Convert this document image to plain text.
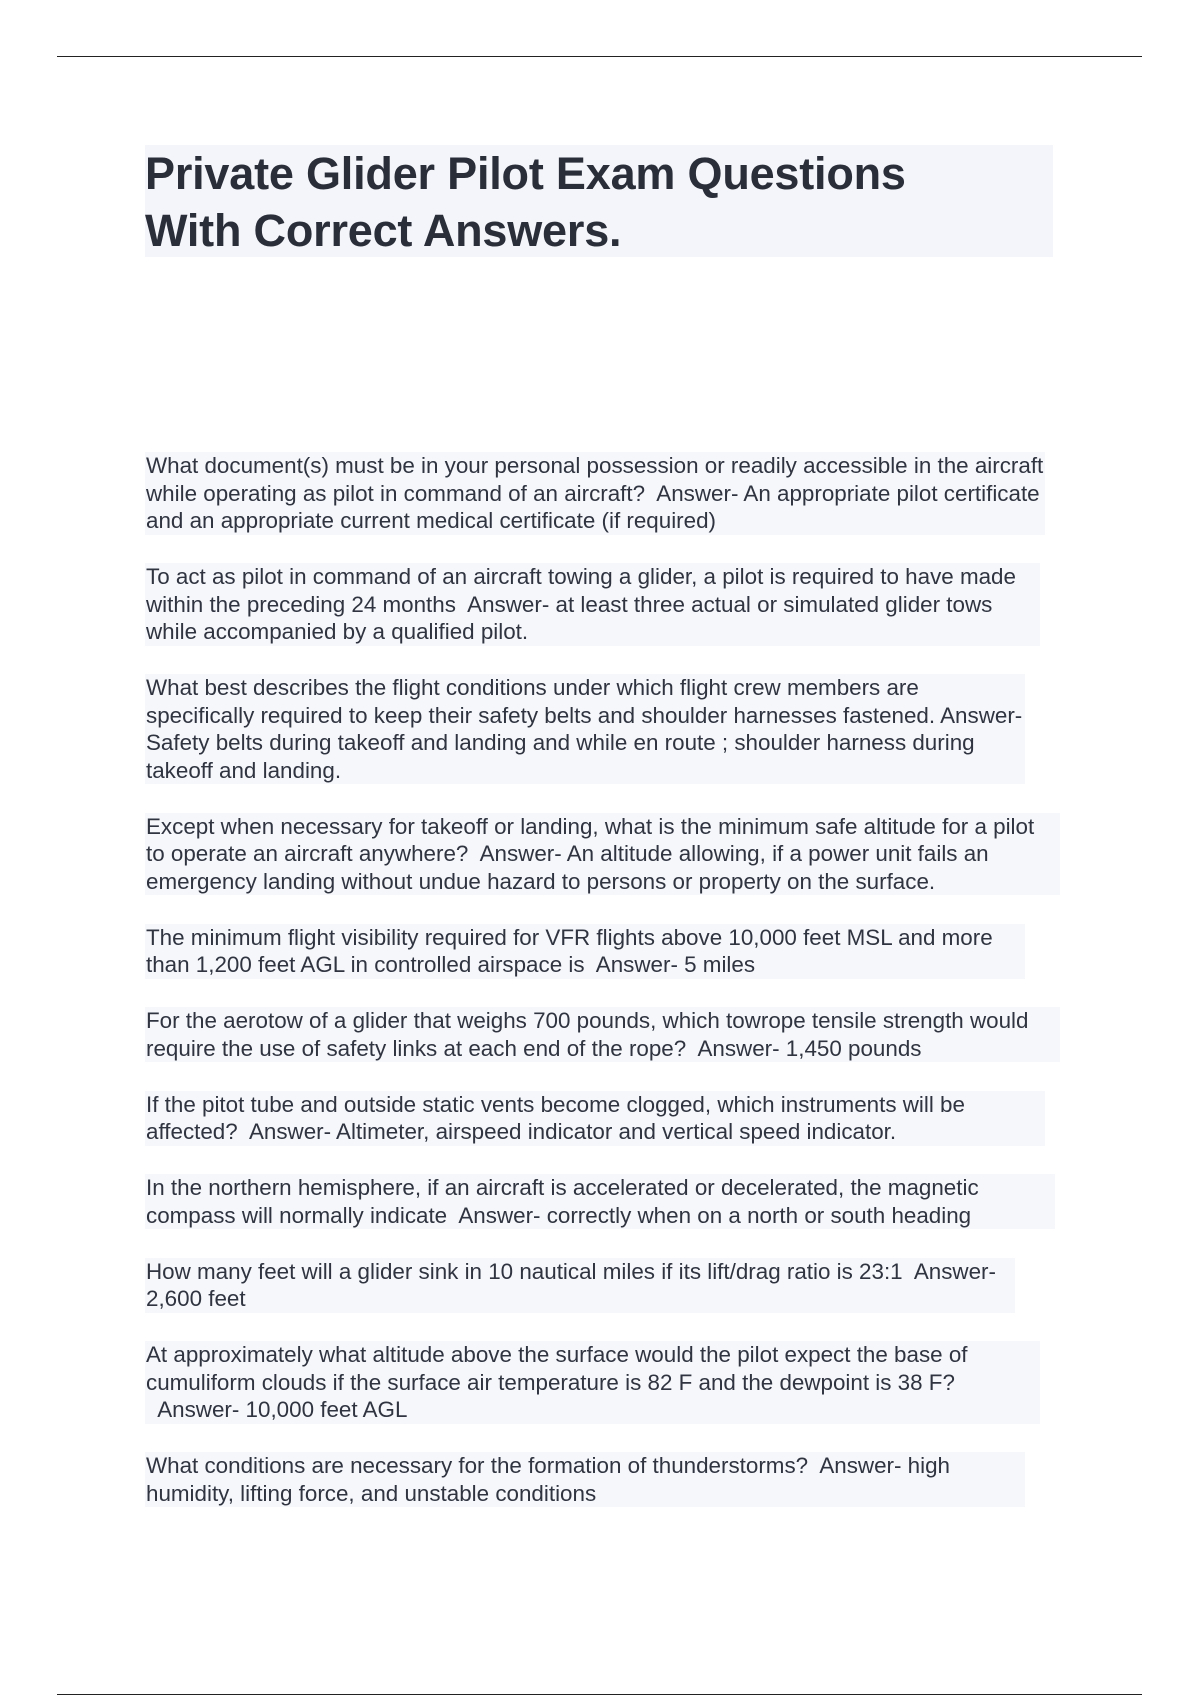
Private Glider Pilot Exam Questions
With Correct Answers.
What document(s) must be in your personal possession or readily accessible in the aircraft while operating as pilot in command of an aircraft? Answer- An appropriate pilot certificate and an appropriate current medical certificate (if required)
To act as pilot in command of an aircraft towing a glider, a pilot is required to have made within the preceding 24 months Answer- at least three actual or simulated glider tows while accompanied by a qualified pilot.
What best describes the flight conditions under which flight crew members are specifically required to keep their safety belts and shoulder harnesses fastened. Answer- Safety belts during takeoff and landing and while en route ; shoulder harness during takeoff and landing.
Except when necessary for takeoff or landing, what is the minimum safe altitude for a pilot to operate an aircraft anywhere? Answer- An altitude allowing, if a power unit fails an emergency landing without undue hazard to persons or property on the surface.
The minimum flight visibility required for VFR flights above 10,000 feet MSL and more than 1,200 feet AGL in controlled airspace is Answer- 5 miles
For the aerotow of a glider that weighs 700 pounds, which towrope tensile strength would require the use of safety links at each end of the rope? Answer- 1,450 pounds
If the pitot tube and outside static vents become clogged, which instruments will be affected? Answer- Altimeter, airspeed indicator and vertical speed indicator.
In the northern hemisphere, if an aircraft is accelerated or decelerated, the magnetic compass will normally indicate Answer- correctly when on a north or south heading
How many feet will a glider sink in 10 nautical miles if its lift/drag ratio is 23:1 Answer- 2,600 feet
At approximately what altitude above the surface would the pilot expect the base of cumuliform clouds if the surface air temperature is 82 F and the dewpoint is 38 F?  Answer- 10,000 feet AGL
What conditions are necessary for the formation of thunderstorms? Answer- high humidity, lifting force, and unstable conditions
